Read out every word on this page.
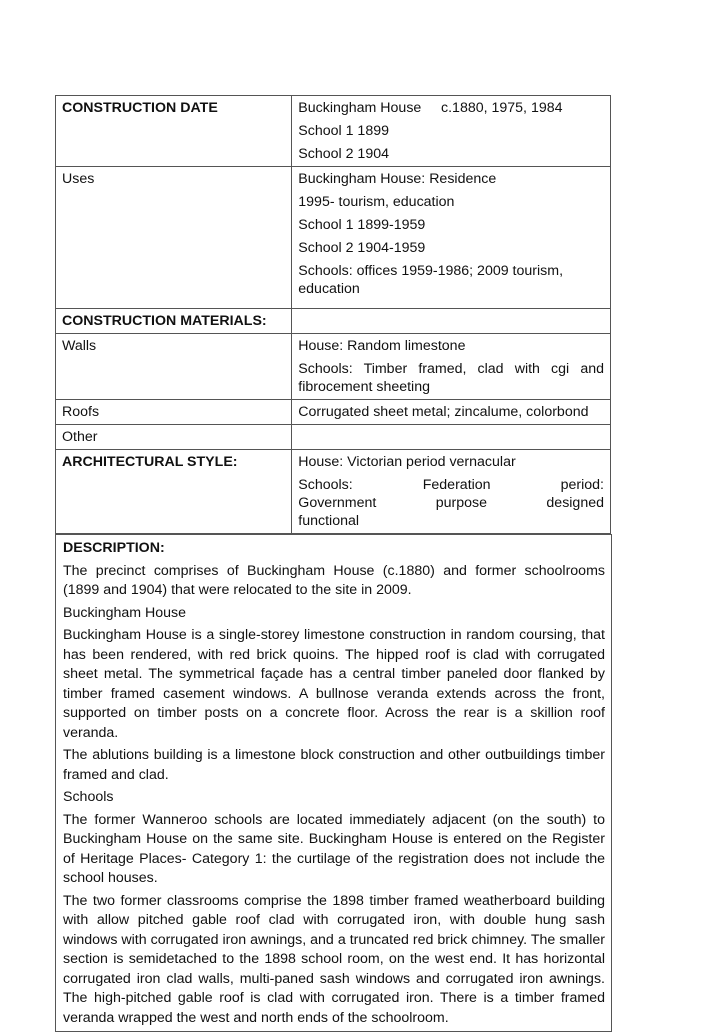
CONSTRUCTION DATE	Buckingham House     c.1880, 1975, 1984
School 1 1899
School 2 1904

Uses	Buckingham House: Residence
1995- tourism, education
School 1 1899-1959
School 2 1904-1959
Schools: offices 1959-1986; 2009 tourism, education

CONSTRUCTION MATERIALS:	
Walls	House: Random limestone
Schools: Timber framed, clad with cgi and fibrocement sheeting

Roofs	Corrugated sheet metal; zincalume, colorbond
Other	
ARCHITECTURAL STYLE:	House: Victorian period vernacular
Schools: Federation period: Government purpose designed functional

DESCRIPTION:

The precinct comprises of Buckingham House (c.1880) and former schoolrooms (1899 and 1904) that were relocated to the site in 2009.

Buckingham House

Buckingham House is a single-storey limestone construction in random coursing, that has been rendered, with red brick quoins. The hipped roof is clad with corrugated sheet metal. The symmetrical façade has a central timber paneled door flanked by timber framed casement windows. A bullnose veranda extends across the front, supported on timber posts on a concrete floor. Across the rear is a skillion roof veranda.

The ablutions building is a limestone block construction and other outbuildings timber framed and clad.

Schools

The former Wanneroo schools are located immediately adjacent (on the south) to Buckingham House on the same site. Buckingham House is entered on the Register of Heritage Places- Category 1: the curtilage of the registration does not include the school houses.

The two former classrooms comprise the 1898 timber framed weatherboard building with allow pitched gable roof clad with corrugated iron, with double hung sash windows with corrugated iron awnings, and a truncated red brick chimney. The smaller section is semidetached to the 1898 school room, on the west end. It has horizontal corrugated iron clad walls, multi-paned sash windows and corrugated iron awnings. The high-pitched gable roof is clad with corrugated iron. There is a timber framed veranda wrapped the west and north ends of the schoolroom.
